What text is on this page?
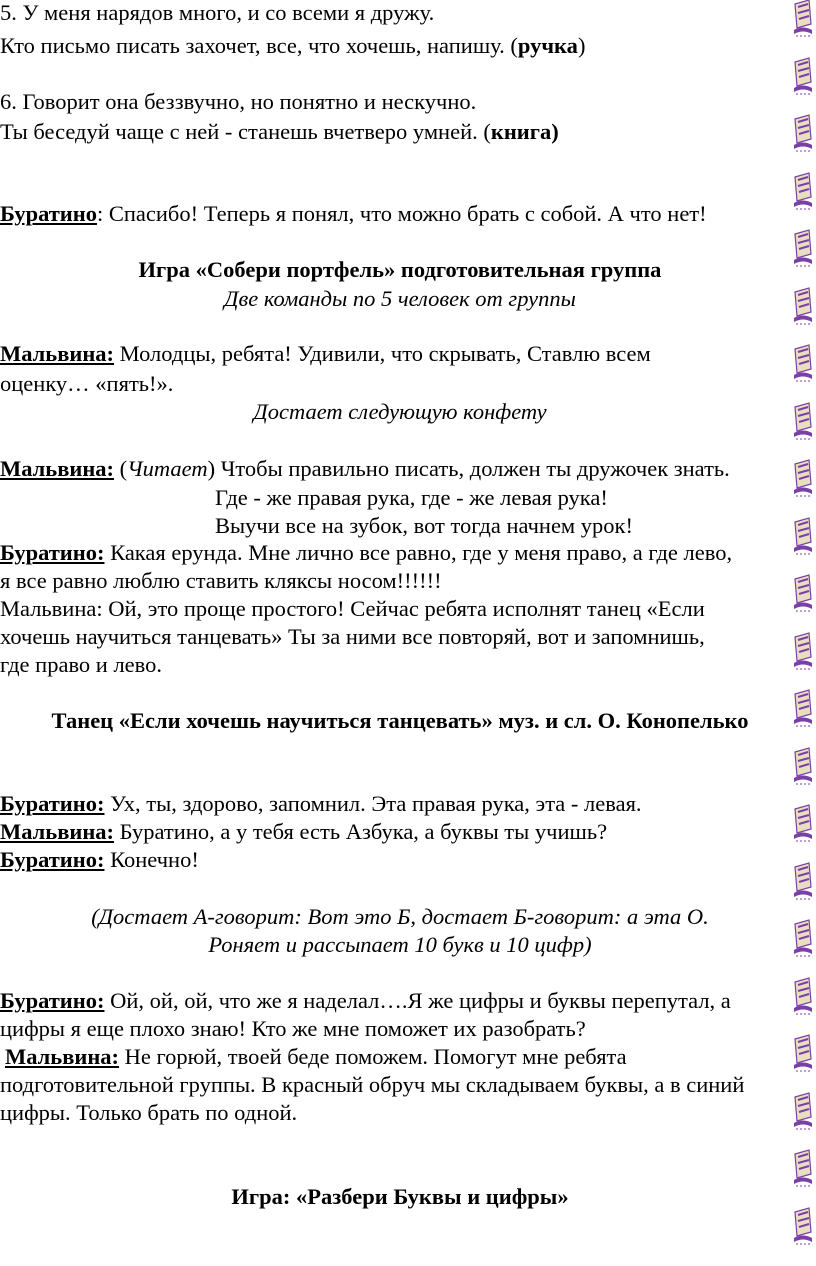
5. У меня нарядов много, и со всеми я дружу.
Кто письмо писать захочет, все, что хочешь, напишу. (ручка)
6. Говорит она беззвучно, но понятно и нескучно.
Ты беседуй чаще с ней - станешь вчетверо умней. (книга)
Буратино: Спасибо! Теперь я понял, что можно брать с собой. А что нет!
Игра «Собери портфель» подготовительная группа
Две команды по 5 человек от группы
Мальвина: Молодцы, ребята! Удивили, что скрывать, Ставлю всем
оценку… «пять!».
Достает следующую конфету
Мальвина: (Читает) Чтобы правильно писать, должен ты дружочек знать.
Где - же правая рука, где - же левая рука!
Выучи все на зубок, вот тогда начнем урок!
Буратино: Какая ерунда. Мне лично все равно, где у меня право, а где лево,
я все равно люблю ставить кляксы носом!!!!!!
Мальвина: Ой, это проще простого! Сейчас ребята исполнят танец «Если
хочешь научиться танцевать» Ты за ними все повторяй, вот и запомнишь,
где право и лево.
Танец «Если хочешь научиться танцевать» муз. и сл. О. Конопелько
Буратино: Ух, ты, здорово, запомнил. Эта правая рука, эта - левая.
Мальвина: Буратино, а у тебя есть Азбука, а буквы ты учишь?
Буратино: Конечно!
(Достает А-говорит: Вот это Б, достает Б-говорит: а эта О.
Роняет и рассыпает 10 букв и 10 цифр)
Буратино: Ой, ой, ой, что же я наделал….Я же цифры и буквы перепутал, а
цифры я еще плохо знаю! Кто же мне поможет их разобрать?
Мальвина: Не горюй, твоей беде поможем. Помогут мне ребята
подготовительной группы. В красный обруч мы складываем буквы, а в синий
цифры. Только брать по одной.
Игра: «Разбери Буквы и цифры»
